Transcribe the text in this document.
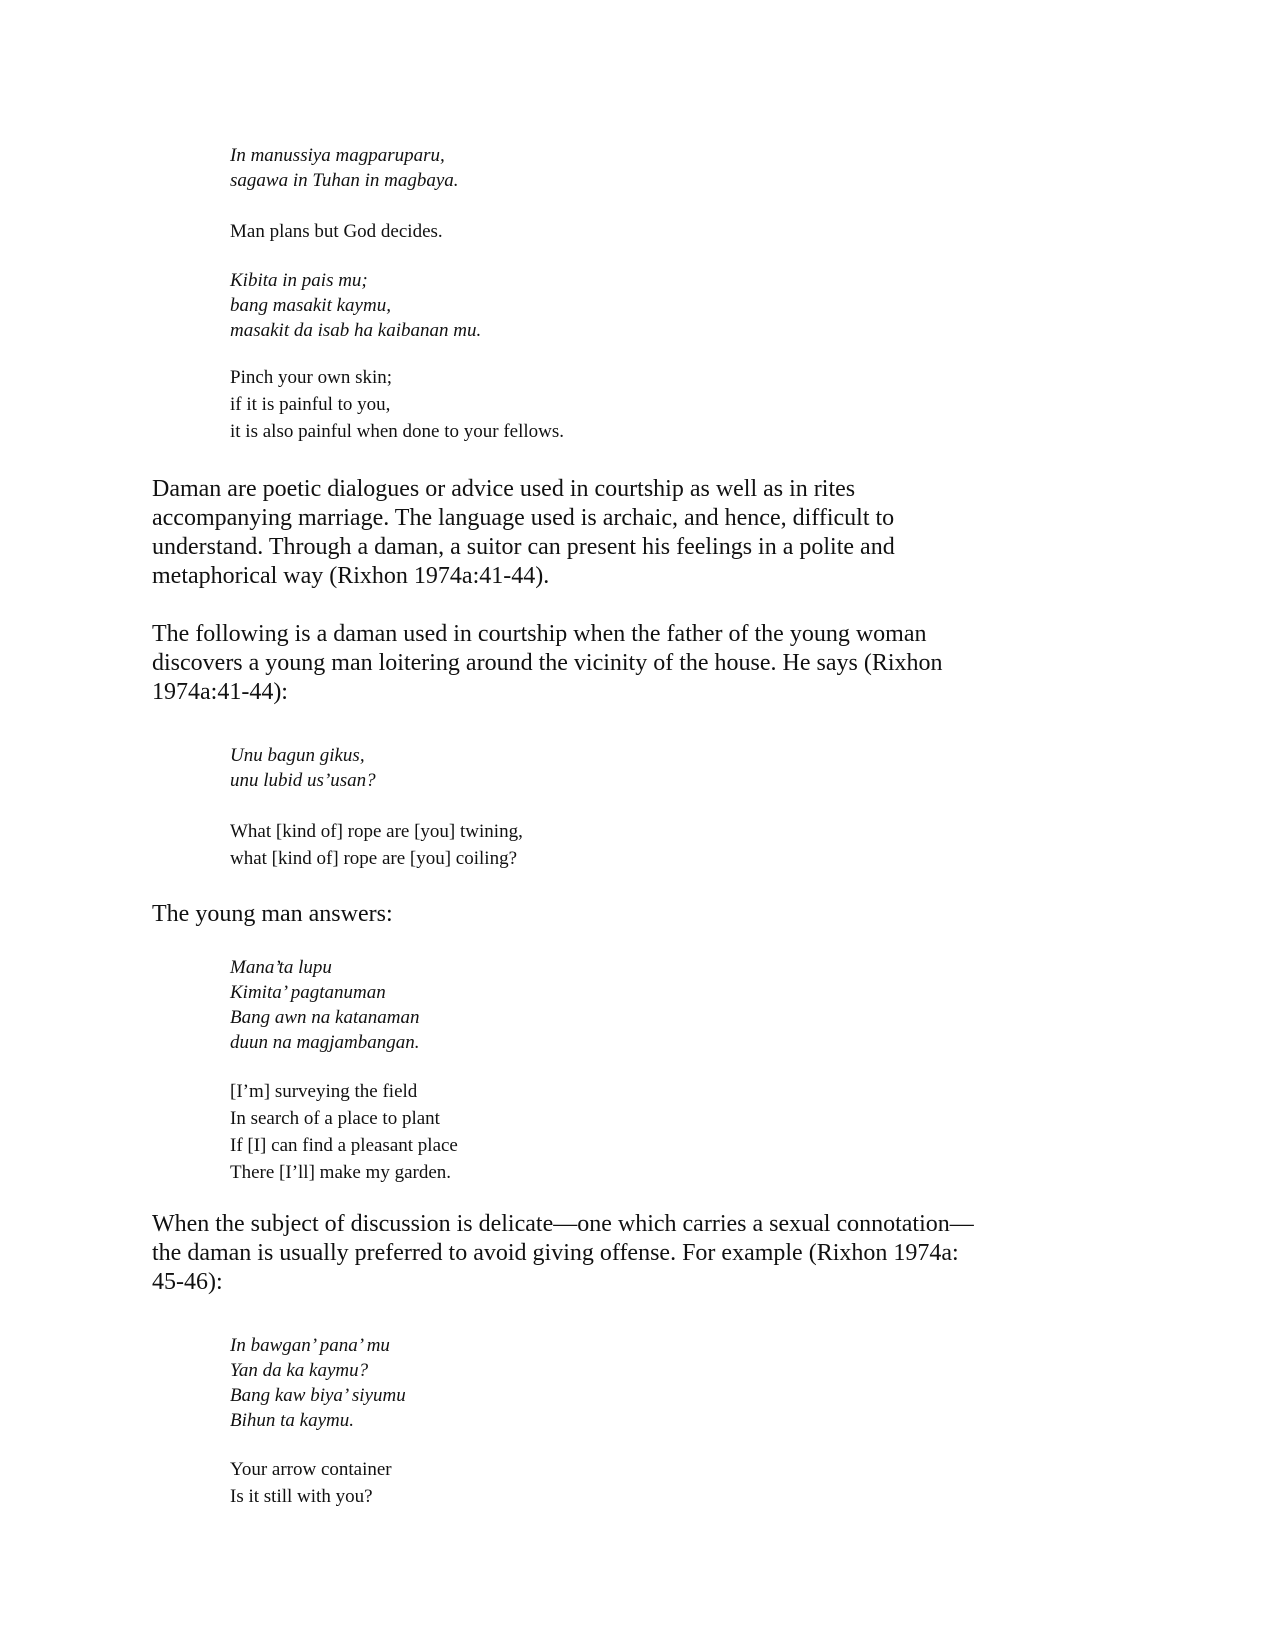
In manussiya magparuparu,
sagawa in Tuhan in magbaya.
Man plans but God decides.
Kibita in pais mu;
bang masakit kaymu,
masakit da isab ha kaibanan mu.
Pinch your own skin;
if it is painful to you,
it is also painful when done to your fellows.
Daman are poetic dialogues or advice used in courtship as well as in rites
accompanying marriage. The language used is archaic, and hence, difficult to
understand. Through a daman, a suitor can present his feelings in a polite and
metaphorical way (Rixhon 1974a:41-44).
The following is a daman used in courtship when the father of the young woman
discovers a young man loitering around the vicinity of the house. He says (Rixhon
1974a:41-44):
Unu bagun gikus,
unu lubid us’usan?
What [kind of] rope are [you] twining,
what [kind of] rope are [you] coiling?
The young man answers:
Mana’ta lupu
Kimita’ pagtanuman
Bang awn na katanaman
duun na magjambangan.
[I’m] surveying the field
In search of a place to plant
If [I] can find a pleasant place
There [I’ll] make my garden.
When the subject of discussion is delicate—one which carries a sexual connotation—
the daman is usually preferred to avoid giving offense. For example (Rixhon 1974a:
45-46):
In bawgan’ pana’ mu
Yan da ka kaymu?
Bang kaw biya’ siyumu
Bihun ta kaymu.
Your arrow container
Is it still with you?
